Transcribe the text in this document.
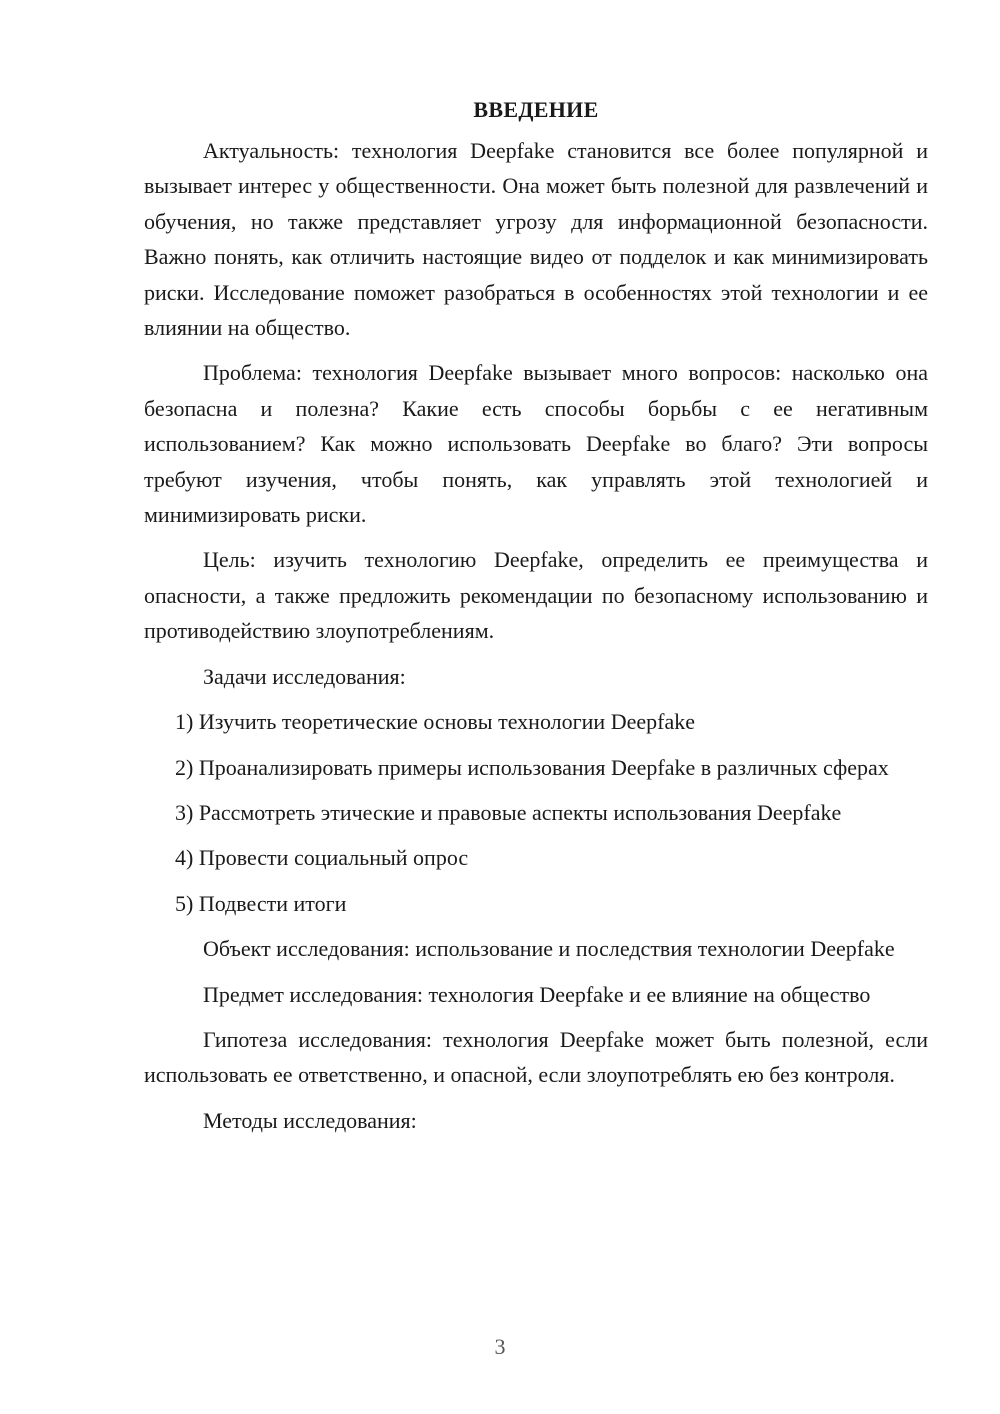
ВВЕДЕНИЕ

Актуальность: технология Deepfake становится все более популярной и вызывает интерес у общественности. Она может быть полезной для развлечений и обучения, но также представляет угрозу для информационной безопасности. Важно понять, как отличить настоящие видео от подделок и как минимизировать риски. Исследование поможет разобраться в особенностях этой технологии и ее влиянии на общество.

Проблема: технология Deepfake вызывает много вопросов: насколько она безопасна и полезна? Какие есть способы борьбы с ее негативным использованием? Как можно использовать Deepfake во благо? Эти вопросы требуют изучения, чтобы понять, как управлять этой технологией и минимизировать риски.

Цель: изучить технологию Deepfake, определить ее преимущества и опасности, а также предложить рекомендации по безопасному использованию и противодействию злоупотреблениям.

Задачи исследования:

1) Изучить теоретические основы технологии Deepfake

2) Проанализировать примеры использования Deepfake в различных сферах

3) Рассмотреть этические и правовые аспекты использования Deepfake

4) Провести социальный опрос

5) Подвести итоги

Объект исследования: использование и последствия технологии Deepfake

Предмет исследования: технология Deepfake и ее влияние на общество

Гипотеза исследования: технология Deepfake может быть полезной, если использовать ее ответственно, и опасной, если злоупотреблять ею без контроля.

Методы исследования:

3
